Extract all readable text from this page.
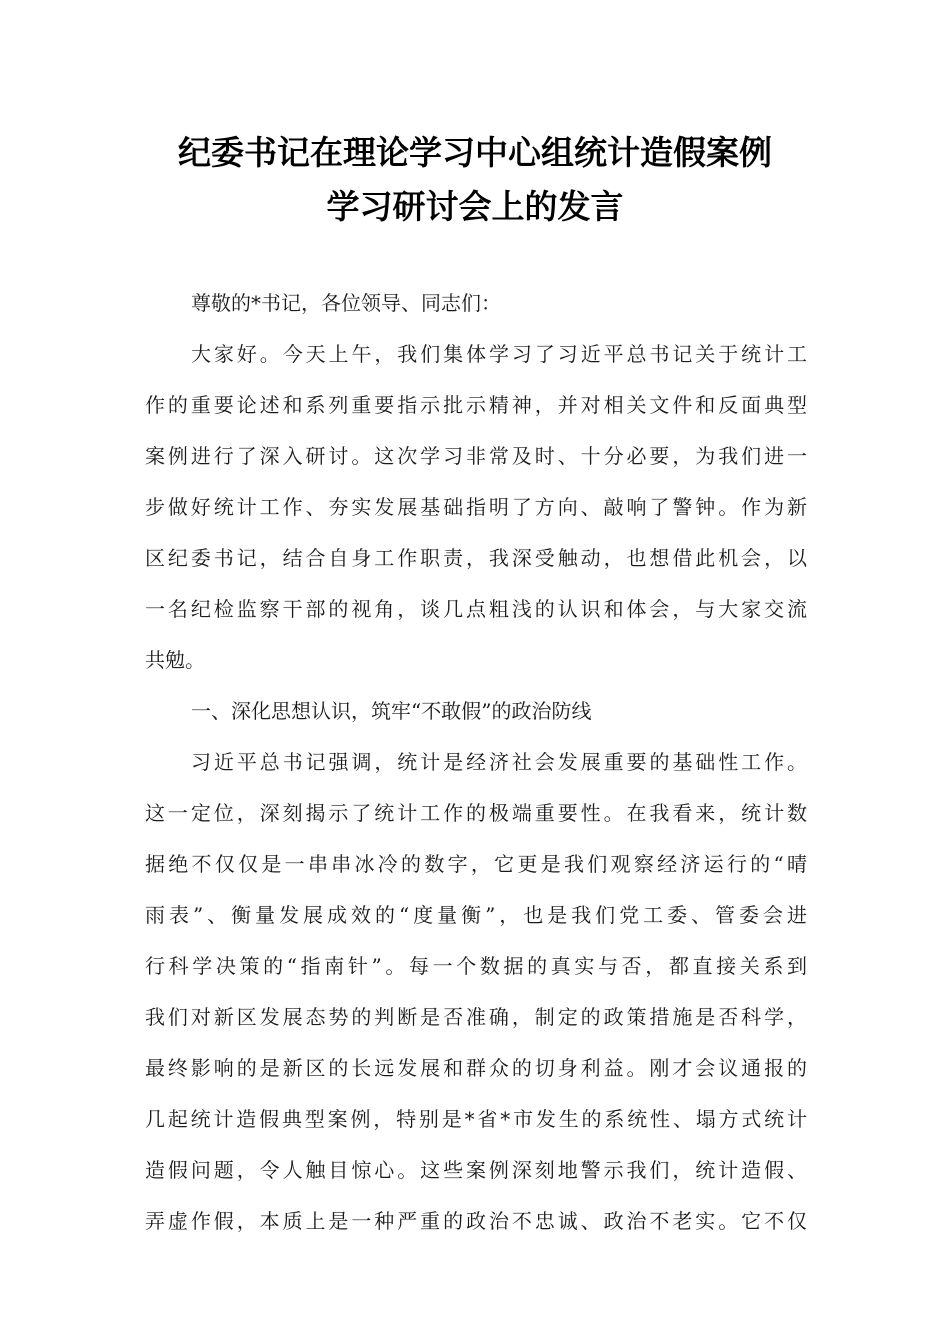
纪委书记在理论学习中心组统计造假案例
学习研讨会上的发言
尊敬的*书记，各位领导、同志们：
大家好。今天上午，我们集体学习了习近平总书记关于统计工
作的重要论述和系列重要指示批示精神，并对相关文件和反面典型
案例进行了深入研讨。这次学习非常及时、十分必要，为我们进一
步做好统计工作、夯实发展基础指明了方向、敲响了警钟。作为新
区纪委书记，结合自身工作职责，我深受触动，也想借此机会，以
一名纪检监察干部的视角，谈几点粗浅的认识和体会，与大家交流
共勉。
一、深化思想认识，筑牢“不敢假”的政治防线
习近平总书记强调，统计是经济社会发展重要的基础性工作。
这一定位，深刻揭示了统计工作的极端重要性。在我看来，统计数
据绝不仅仅是一串串冰冷的数字，它更是我们观察经济运行的“晴
雨表”、衡量发展成效的“度量衡”，也是我们党工委、管委会进
行科学决策的“指南针”。每一个数据的真实与否，都直接关系到
我们对新区发展态势的判断是否准确，制定的政策措施是否科学，
最终影响的是新区的长远发展和群众的切身利益。刚才会议通报的
几起统计造假典型案例，特别是*省*市发生的系统性、塌方式统计
造假问题，令人触目惊心。这些案例深刻地警示我们，统计造假、
弄虚作假，本质上是一种严重的政治不忠诚、政治不老实。它不仅
